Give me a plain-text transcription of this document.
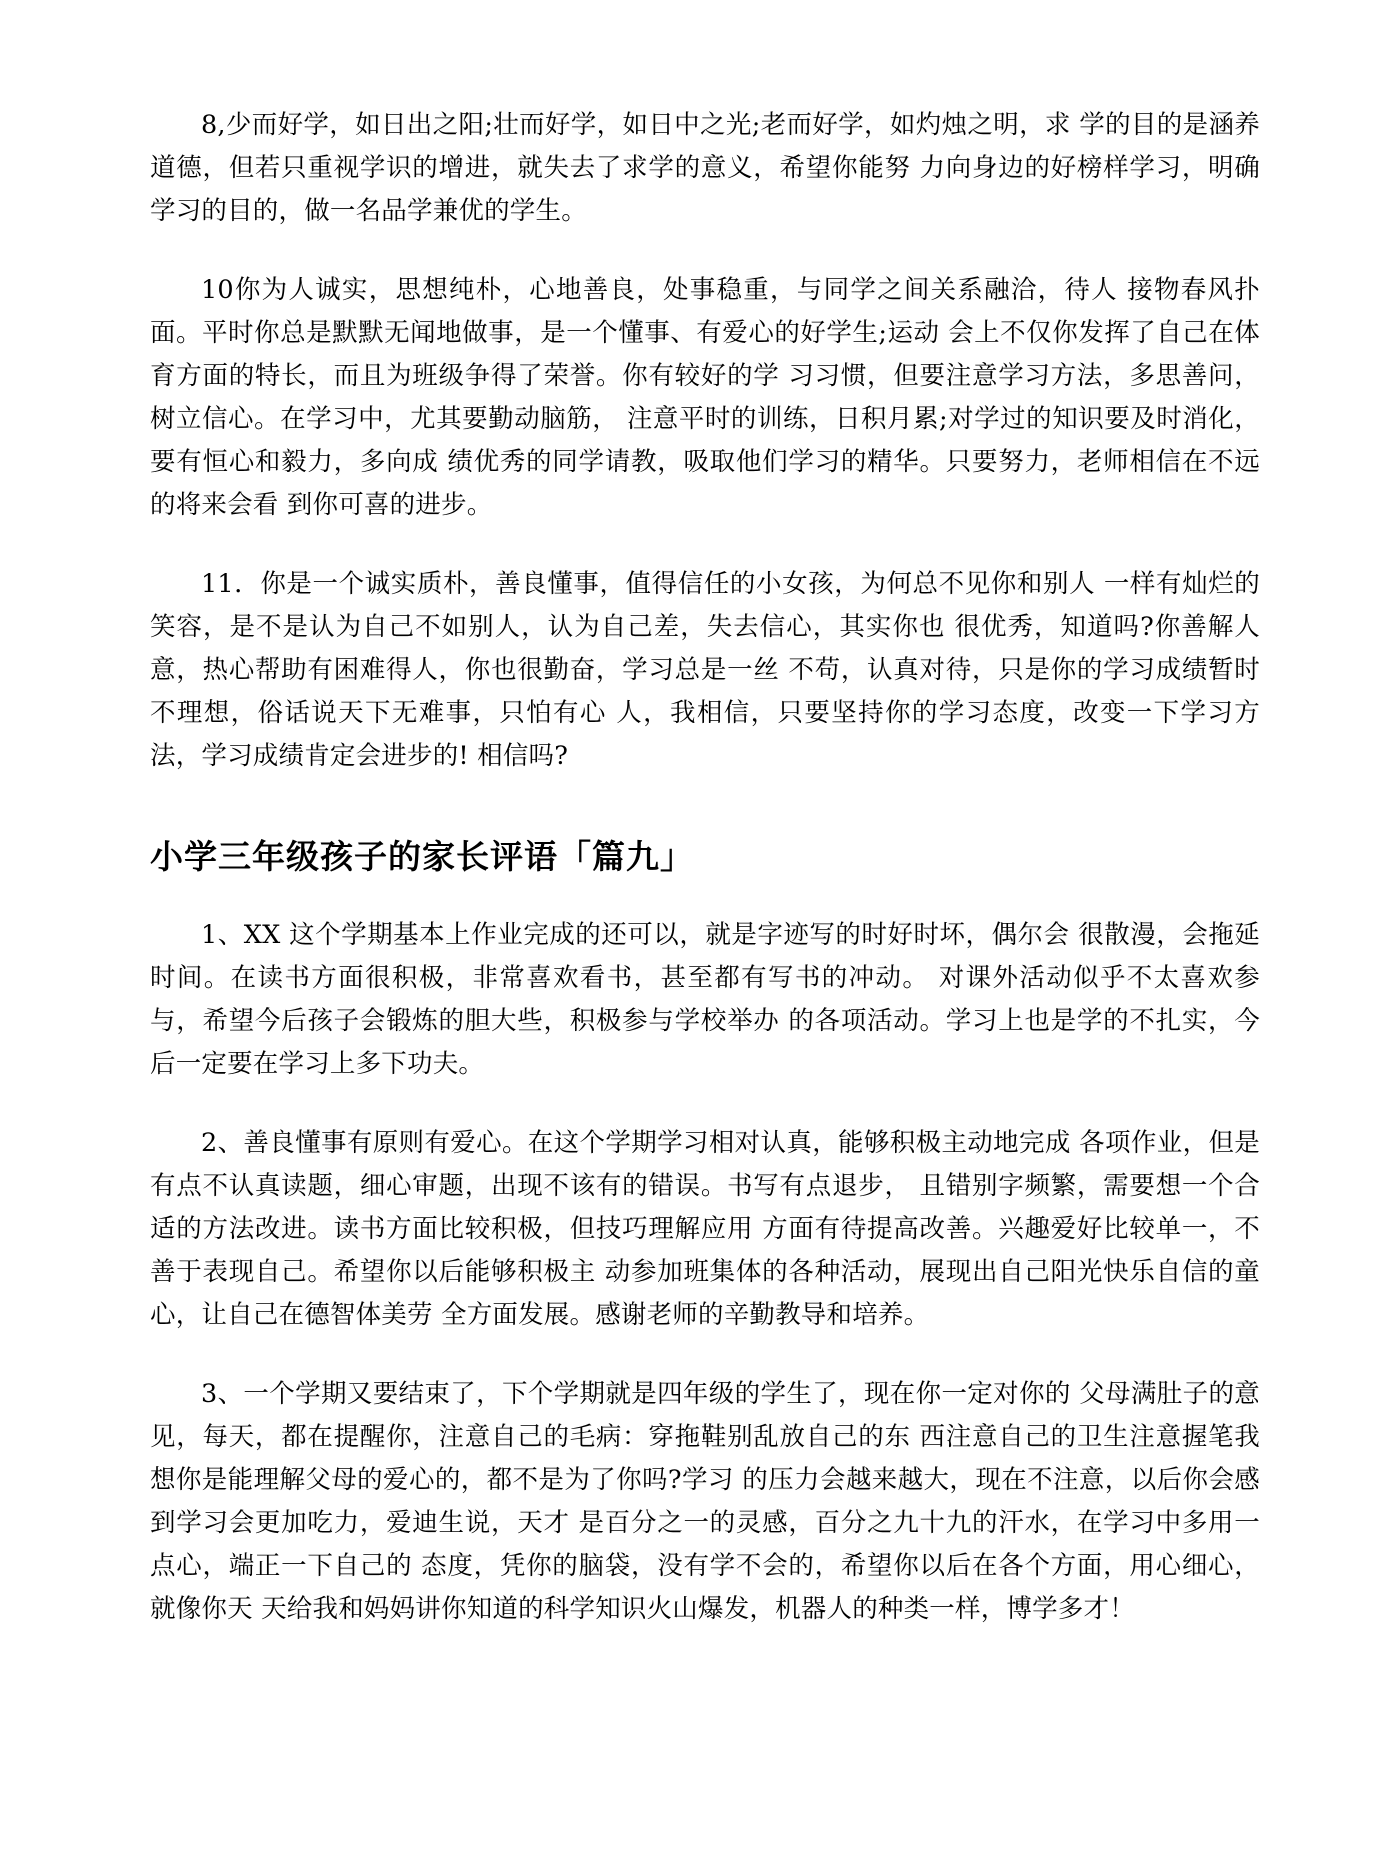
8,少而好学，如日出之阳;壮而好学，如日中之光;老而好学，如灼烛之明，求 学的目的是涵养道德，但若只重视学识的增进，就失去了求学的意义，希望你能努 力向身边的好榜样学习，明确学习的目的，做一名品学兼优的学生。

10你为人诚实，思想纯朴，心地善良，处事稳重，与同学之间关系融洽，待人 接物春风扑面。平时你总是默默无闻地做事，是一个懂事、有爱心的好学生;运动 会上不仅你发挥了自己在体育方面的特长，而且为班级争得了荣誉。你有较好的学 习习惯，但要注意学习方法，多思善问，树立信心。在学习中，尤其要勤动脑筋， 注意平时的训练，日积月累;对学过的知识要及时消化，要有恒心和毅力，多向成 绩优秀的同学请教，吸取他们学习的精华。只要努力，老师相信在不远的将来会看 到你可喜的进步。

11．你是一个诚实质朴，善良懂事，值得信任的小女孩，为何总不见你和别人 一样有灿烂的笑容，是不是认为自己不如别人，认为自己差，失去信心，其实你也 很优秀，知道吗?你善解人意，热心帮助有困难得人，你也很勤奋，学习总是一丝 不苟，认真对待，只是你的学习成绩暂时不理想，俗话说天下无难事，只怕有心 人，我相信，只要坚持你的学习态度，改变一下学习方法，学习成绩肯定会进步的! 相信吗?

小学三年级孩子的家长评语「篇九」

1、XX 这个学期基本上作业完成的还可以，就是字迹写的时好时坏，偶尔会 很散漫，会拖延时间。在读书方面很积极，非常喜欢看书，甚至都有写书的冲动。 对课外活动似乎不太喜欢参与，希望今后孩子会锻炼的胆大些，积极参与学校举办 的各项活动。学习上也是学的不扎实，今后一定要在学习上多下功夫。

2、善良懂事有原则有爱心。在这个学期学习相对认真，能够积极主动地完成 各项作业，但是有点不认真读题，细心审题，出现不该有的错误。书写有点退步， 且错别字频繁，需要想一个合适的方法改进。读书方面比较积极，但技巧理解应用 方面有待提高改善。兴趣爱好比较单一，不善于表现自己。希望你以后能够积极主 动参加班集体的各种活动，展现出自己阳光快乐自信的童心，让自己在德智体美劳 全方面发展。感谢老师的辛勤教导和培养。

3、一个学期又要结束了，下个学期就是四年级的学生了，现在你一定对你的 父母满肚子的意见，每天，都在提醒你，注意自己的毛病：穿拖鞋别乱放自己的东 西注意自己的卫生注意握笔我想你是能理解父母的爱心的，都不是为了你吗?学习 的压力会越来越大，现在不注意，以后你会感到学习会更加吃力，爱迪生说，天才 是百分之一的灵感，百分之九十九的汗水，在学习中多用一点心，端正一下自己的 态度，凭你的脑袋，没有学不会的，希望你以后在各个方面，用心细心，就像你天 天给我和妈妈讲你知道的科学知识火山爆发，机器人的种类一样，博学多才！
